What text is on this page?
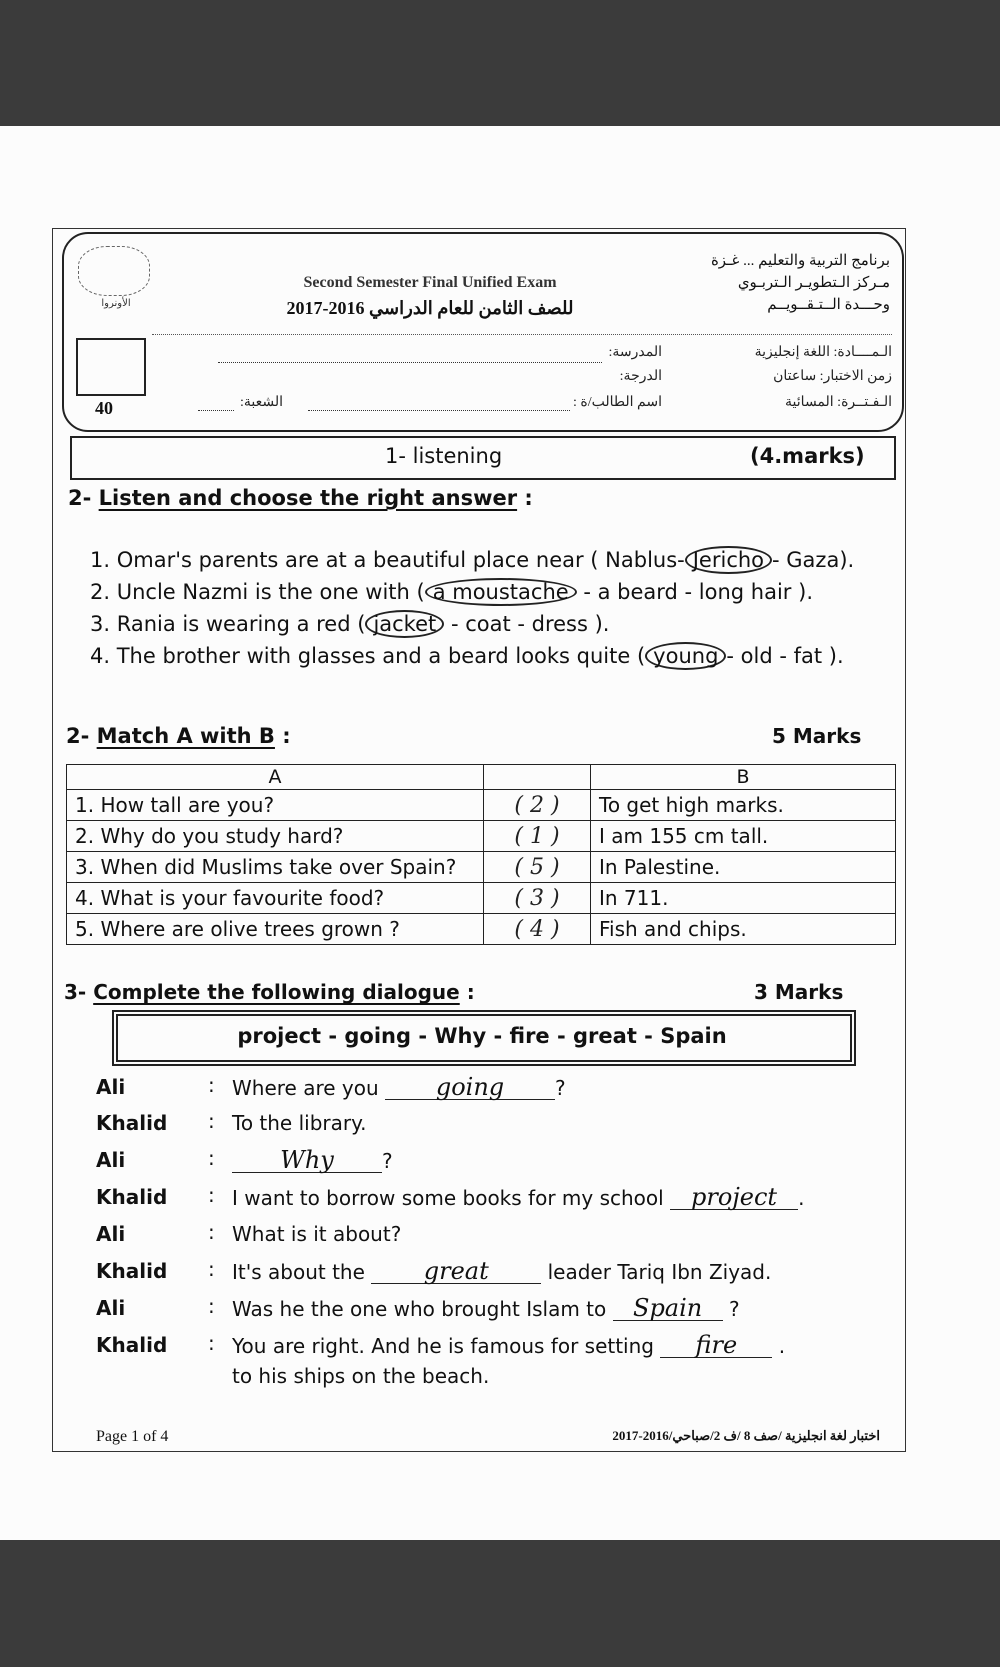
الأونروا
40
Second Semester Final Unified Exam
للصف الثامن للعام الدراسي 2016-2017
برنامج التربية والتعليم ... غـزة
مـركز الـتطويـر الـتربـوي
وحـــدة الــتـقــويــم
الـمــــادة: اللغة إنجليزية
زمن الاختبار: ساعتان
الـفـتــرة: المسائية
المدرسة:
الدرجة:
اسم الطالب/ة :
الشعبة:
1- listening	(4.marks)
2- Listen and choose the right answer :
1. Omar's parents are at a beautiful place near ( Nablus- Jericho - Gaza).
2. Uncle Nazmi is the one with ( a moustache - a beard - long hair ).
3. Rania is wearing a red ( jacket - coat - dress ).
4. The brother with glasses and a beard looks quite ( young - old - fat ).
2- Match A with B :	5 Marks
A		B
1. How tall are you?	( 2 )	To get high marks.
2. Why do you study hard?	( 1 )	I am 155 cm tall.
3. When did Muslims take over Spain?	( 5 )	In Palestine.
4. What is your favourite food?	( 3 )	In 711.
5. Where are olive trees grown ?	( 4 )	Fish and chips.
3- Complete the following dialogue :	3 Marks
project - going - Why - fire - great - Spain
Ali	: Where are you going	?
Khalid : To the library.
Ali	:	Why ?
Khalid : I want to borrow some books for my school project .
Ali	: What is it about?
Khalid : It's about the great	leader Tariq Ibn Ziyad.
Ali	: Was he the one who brought Islam to Spain ?
Khalid : You are right. And he is famous for setting fire .
to his ships on the beach.
Page 1 of 4	اختبار لغة انجليزية /صف 8 /ف 2/صباحي/2016-2017
